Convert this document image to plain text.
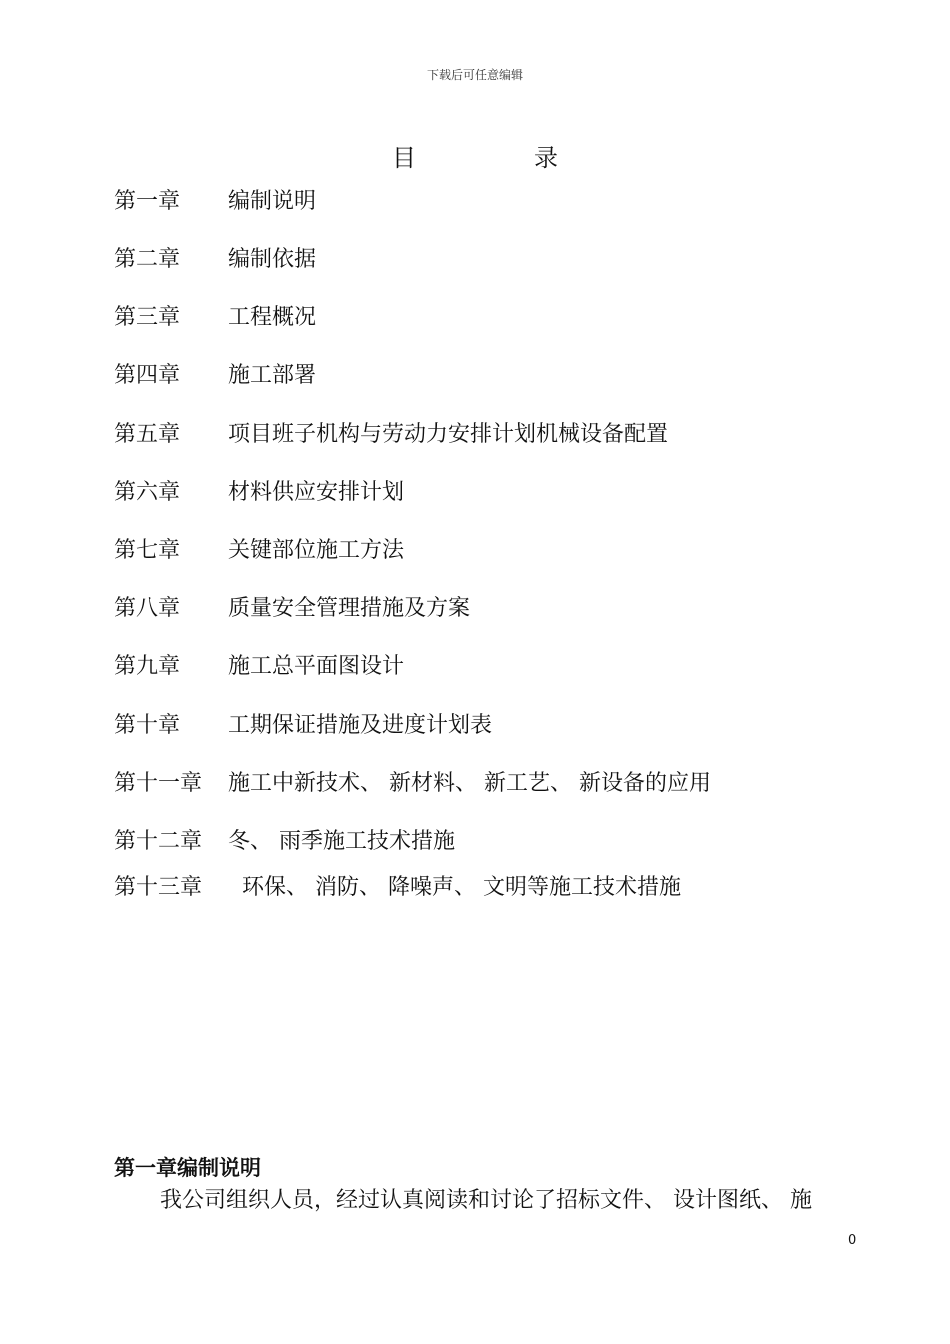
下载后可任意编辑
目录
第一章 编制说明
第二章 编制依据
第三章 工程概况
第四章 施工部署
第五章 项目班子机构与劳动力安排计划机械设备配置
第六章 材料供应安排计划
第七章 关键部位施工方法
第八章 质量安全管理措施及方案
第九章 施工总平面图设计
第十章 工期保证措施及进度计划表
第十一章 施工中新技术、 新材料、 新工艺、 新设备的应用
第十二章 冬、 雨季施工技术措施
第十三章 环保、 消防、 降噪声、 文明等施工技术措施
第一章编制说明
我公司组织人员，经过认真阅读和讨论了招标文件、 设计图纸、 施
0
